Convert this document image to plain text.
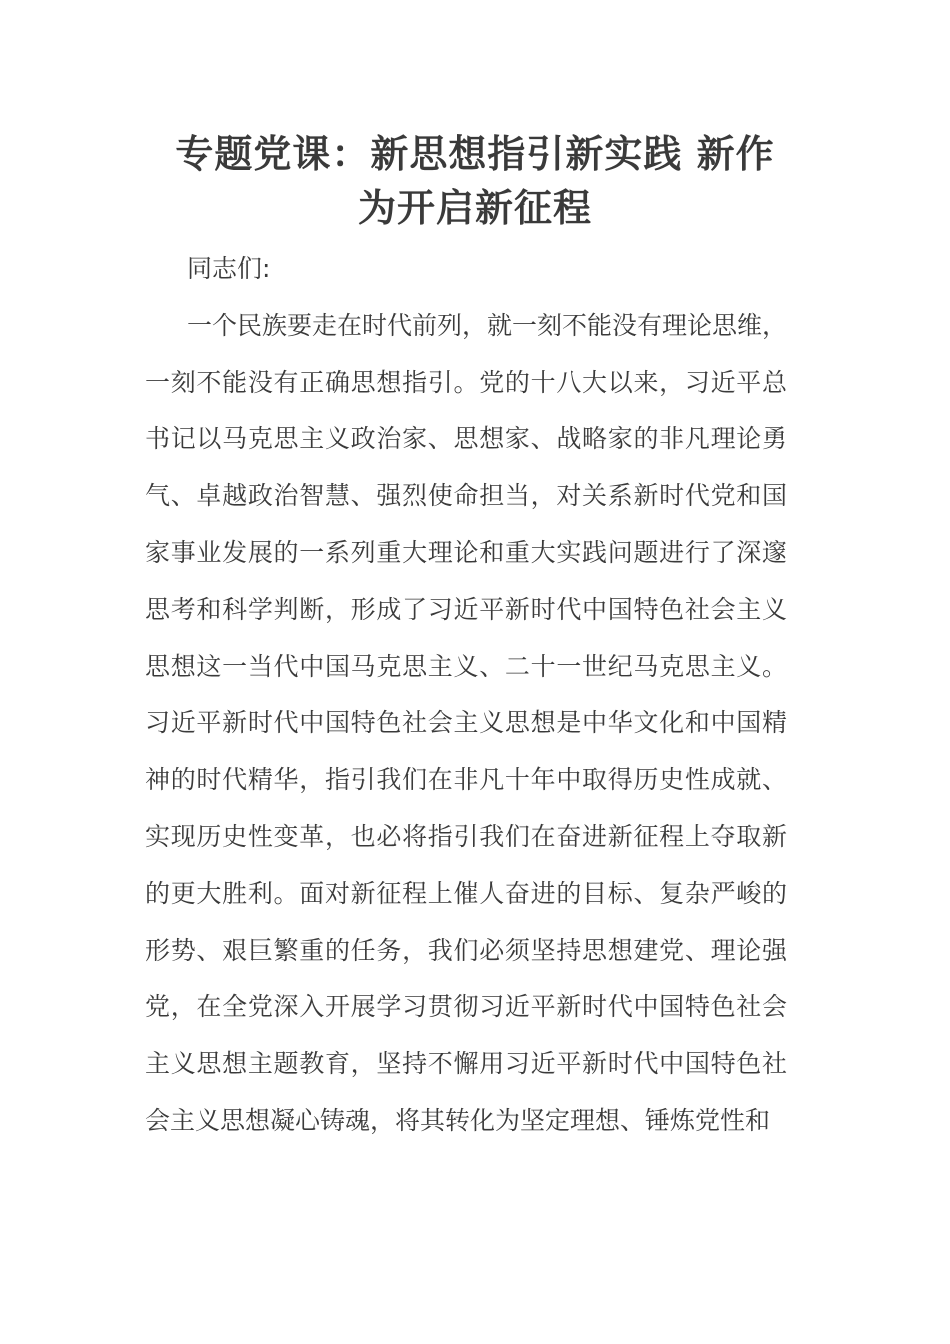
专题党课：新思想指引新实践 新作
为开启新征程

同志们:

一个民族要走在时代前列，就一刻不能没有理论思维，

一刻不能没有正确思想指引。党的十八大以来，习近平总

书记以马克思主义政治家、思想家、战略家的非凡理论勇

气、卓越政治智慧、强烈使命担当，对关系新时代党和国

家事业发展的一系列重大理论和重大实践问题进行了深邃

思考和科学判断，形成了习近平新时代中国特色社会主义

思想这一当代中国马克思主义、二十一世纪马克思主义。

习近平新时代中国特色社会主义思想是中华文化和中国精

神的时代精华，指引我们在非凡十年中取得历史性成就、

实现历史性变革，也必将指引我们在奋进新征程上夺取新

的更大胜利。面对新征程上催人奋进的目标、复杂严峻的

形势、艰巨繁重的任务，我们必须坚持思想建党、理论强

党，在全党深入开展学习贯彻习近平新时代中国特色社会

主义思想主题教育，坚持不懈用习近平新时代中国特色社

会主义思想凝心铸魂，将其转化为坚定理想、锤炼党性和
